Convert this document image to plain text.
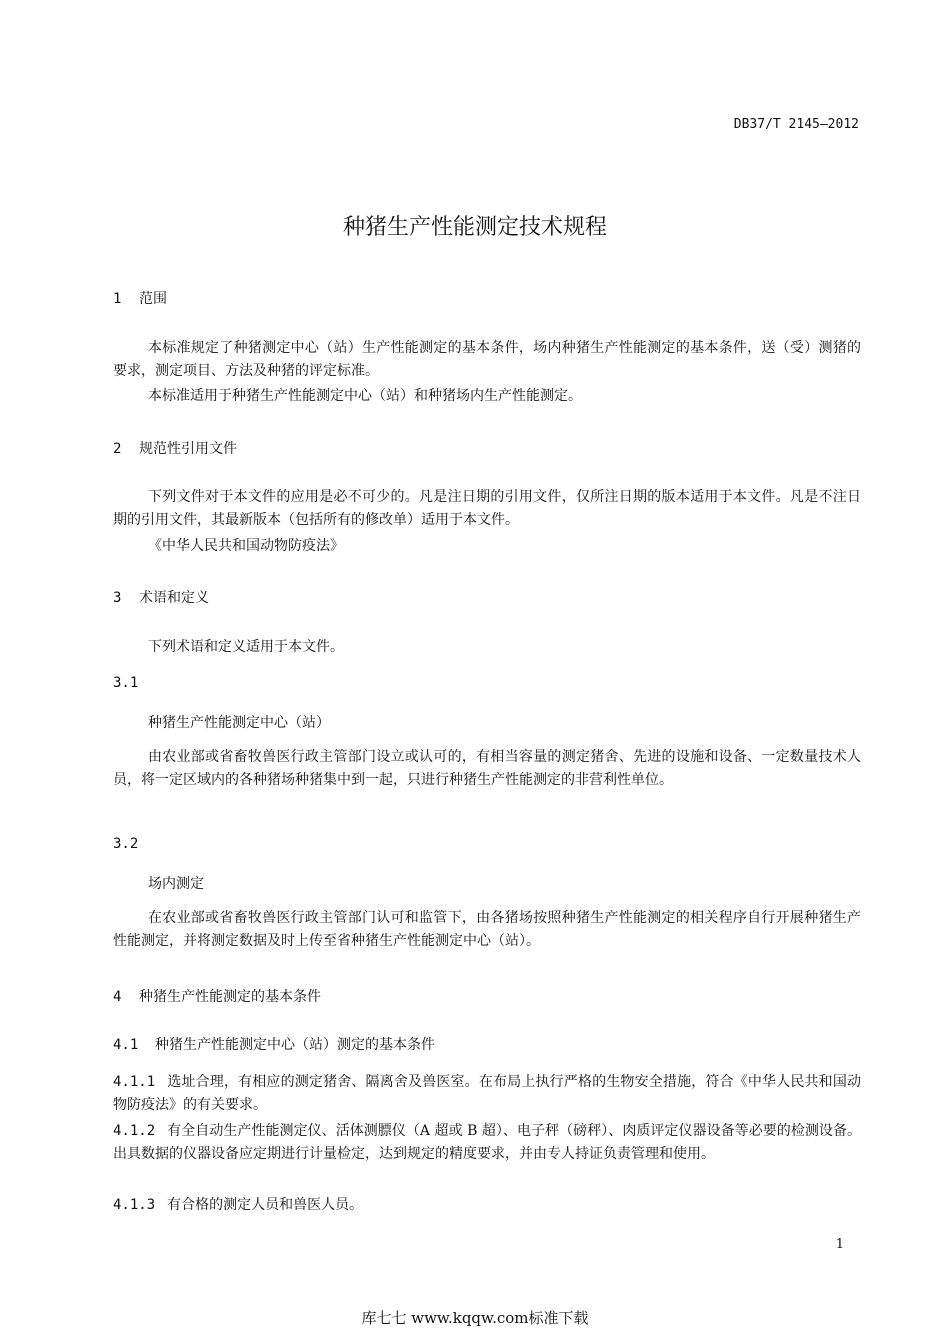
DB37/T 2145—2012
种猪生产性能测定技术规程
1 范围

本标准规定了种猪测定中心（站）生产性能测定的基本条件，场内种猪生产性能测定的基本条件，送（受）测猪的要求，测定项目、方法及种猪的评定标准。

本标准适用于种猪生产性能测定中心（站）和种猪场内生产性能测定。

2 规范性引用文件

下列文件对于本文件的应用是必不可少的。凡是注日期的引用文件，仅所注日期的版本适用于本文件。凡是不注日期的引用文件，其最新版本（包括所有的修改单）适用于本文件。

《中华人民共和国动物防疫法》

3 术语和定义

下列术语和定义适用于本文件。

3.1
种猪生产性能测定中心（站）

由农业部或省畜牧兽医行政主管部门设立或认可的，有相当容量的测定猪舍、先进的设施和设备、一定数量技术人员，将一定区域内的各种猪场种猪集中到一起，只进行种猪生产性能测定的非营利性单位。

3.2
场内测定

在农业部或省畜牧兽医行政主管部门认可和监管下，由各猪场按照种猪生产性能测定的相关程序自行开展种猪生产性能测定，并将测定数据及时上传至省种猪生产性能测定中心（站）。

4 种猪生产性能测定的基本条件
4.1 种猪生产性能测定中心（站）测定的基本条件

4.1.1 选址合理，有相应的测定猪舍、隔离舍及兽医室。在布局上执行严格的生物安全措施，符合《中华人民共和国动物防疫法》的有关要求。

4.1.2 有全自动生产性能测定仪、活体测膘仪（A 超或 B 超）、电子秤（磅秤）、肉质评定仪器设备等必要的检测设备。出具数据的仪器设备应定期进行计量检定，达到规定的精度要求，并由专人持证负责管理和使用。

4.1.3 有合格的测定人员和兽医人员。

1
库七七 www.kqqw.com标准下载
